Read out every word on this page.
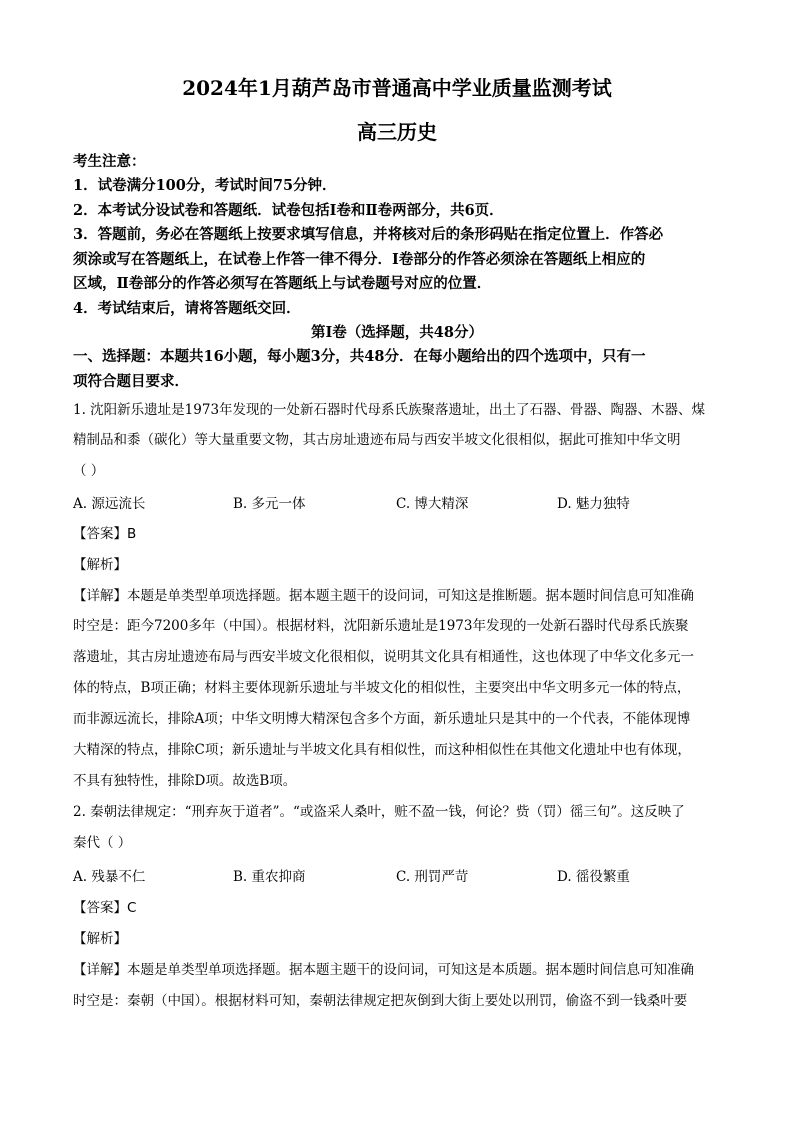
2024年1月葫芦岛市普通高中学业质量监测考试
高三历史
考生注意：
1．试卷满分100分，考试时间75分钟．
2．本考试分设试卷和答题纸．试卷包括Ⅰ卷和Ⅱ卷两部分，共6页．
3．答题前，务必在答题纸上按要求填写信息，并将核对后的条形码贴在指定位置上．作答必
须涂或写在答题纸上，在试卷上作答一律不得分．Ⅰ卷部分的作答必须涂在答题纸上相应的
区域，Ⅱ卷部分的作答必须写在答题纸上与试卷题号对应的位置．
4．考试结束后，请将答题纸交回．
第Ⅰ卷（选择题，共48分）
一、选择题：本题共16小题，每小题3分，共48分．在每小题给出的四个选项中，只有一
项符合题目要求．
1. 沈阳新乐遗址是1973年发现的一处新石器时代母系氏族聚落遗址，出土了石器、骨器、陶器、木器、煤
精制品和黍（碳化）等大量重要文物，其古房址遗迹布局与西安半坡文化很相似，据此可推知中华文明
（ ）
A. 源远流长	B. 多元一体	C. 博大精深	D. 魅力独特
【答案】B
【解析】
【详解】本题是单类型单项选择题。据本题主题干的设问词，可知这是推断题。据本题时间信息可知准确
时空是：距今7200多年（中国）。根据材料，沈阳新乐遗址是1973年发现的一处新石器时代母系氏族聚
落遗址，其古房址遗迹布局与西安半坡文化很相似，说明其文化具有相通性，这也体现了中华文化多元一
体的特点，B项正确；材料主要体现新乐遗址与半坡文化的相似性，主要突出中华文明多元一体的特点，
而非源远流长，排除A项；中华文明博大精深包含多个方面，新乐遗址只是其中的一个代表，不能体现博
大精深的特点，排除C项；新乐遗址与半坡文化具有相似性，而这种相似性在其他文化遗址中也有体现，
不具有独特性，排除D项。故选B项。
2. 秦朝法律规定：“刑弃灰于道者”。“或盗采人桑叶，赃不盈一钱，何论？赀（罚）徭三旬”。这反映了
秦代（ ）
A. 残暴不仁	B. 重农抑商	C. 刑罚严苛	D. 徭役繁重
【答案】C
【解析】
【详解】本题是单类型单项选择题。据本题主题干的设问词，可知这是本质题。据本题时间信息可知准确
时空是：秦朝（中国）。根据材料可知，秦朝法律规定把灰倒到大街上要处以刑罚，偷盗不到一钱桑叶要
